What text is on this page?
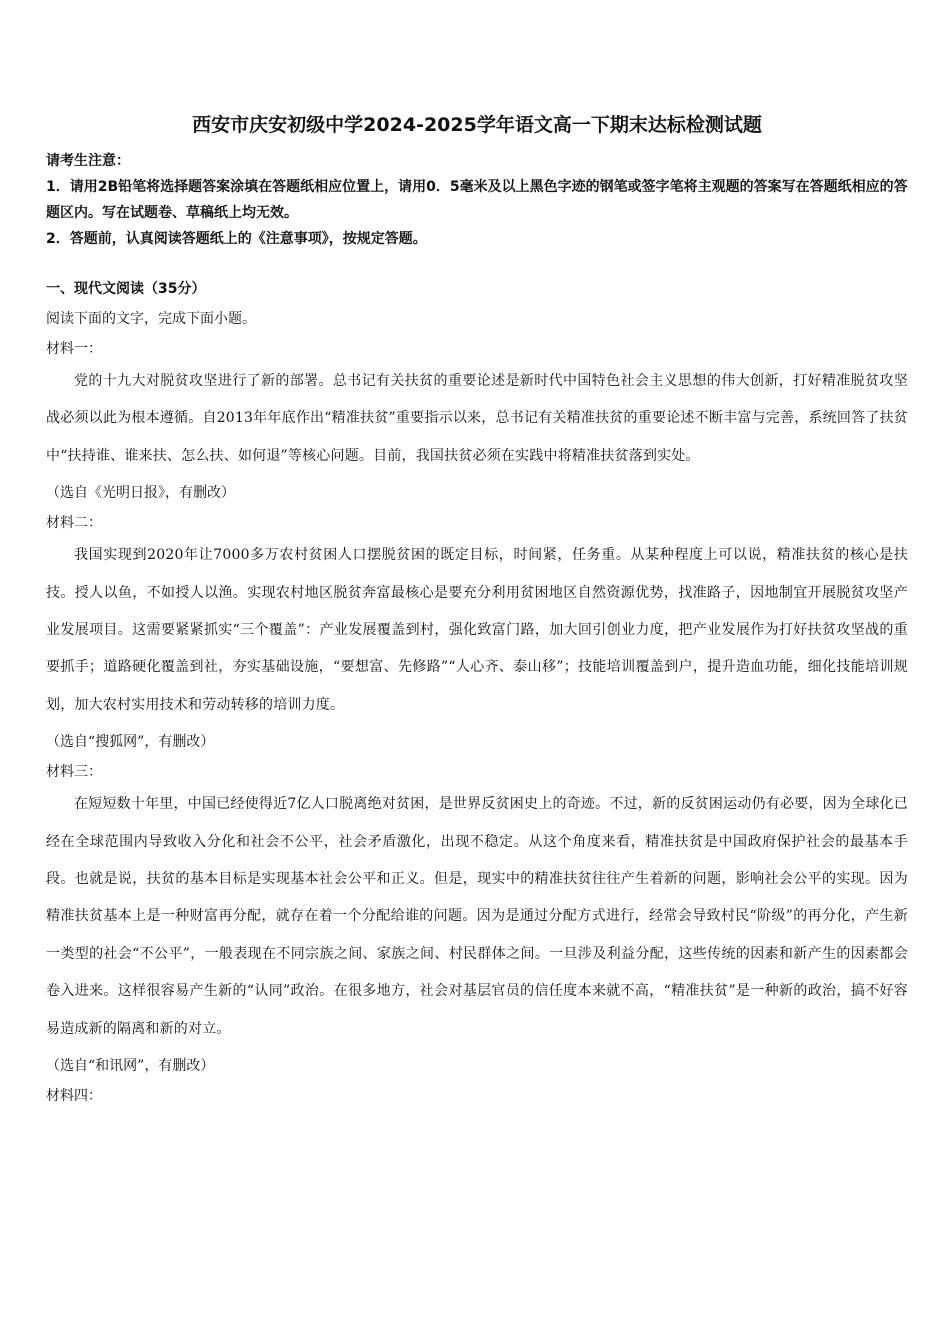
西安市庆安初级中学2024-2025学年语文高一下期末达标检测试题

请考生注意：

1．请用2B铅笔将选择题答案涂填在答题纸相应位置上，请用0．5毫米及以上黑色字迹的钢笔或签字笔将主观题的答案写在答题纸相应的答题区内。写在试题卷、草稿纸上均无效。

2．答题前，认真阅读答题纸上的《注意事项》，按规定答题。

一、现代文阅读（35分）
阅读下面的文字，完成下面小题。
材料一：

党的十九大对脱贫攻坚进行了新的部署。总书记有关扶贫的重要论述是新时代中国特色社会主义思想的伟大创新，打好精准脱贫攻坚战必须以此为根本遵循。自2013年年底作出“精准扶贫”重要指示以来，总书记有关精准扶贫的重要论述不断丰富与完善，系统回答了扶贫中“扶持谁、谁来扶、怎么扶、如何退”等核心问题。目前，我国扶贫必须在实践中将精准扶贫落到实处。

（选自《光明日报》，有删改）
材料二：

我国实现到2020年让7000多万农村贫困人口摆脱贫困的既定目标，时间紧，任务重。从某种程度上可以说，精准扶贫的核心是扶技。授人以鱼，不如授人以渔。实现农村地区脱贫奔富最核心是要充分利用贫困地区自然资源优势，找准路子，因地制宜开展脱贫攻坚产业发展项目。这需要紧紧抓实“三个覆盖”：产业发展覆盖到村，强化致富门路，加大回引创业力度，把产业发展作为打好扶贫攻坚战的重要抓手；道路硬化覆盖到社，夯实基础设施，“要想富、先修路”“人心齐、泰山移”；技能培训覆盖到户，提升造血功能，细化技能培训规划，加大农村实用技术和劳动转移的培训力度。

（选自“搜狐网”，有删改）
材料三：

在短短数十年里，中国已经使得近7亿人口脱离绝对贫困，是世界反贫困史上的奇迹。不过，新的反贫困运动仍有必要，因为全球化已经在全球范围内导致收入分化和社会不公平，社会矛盾激化，出现不稳定。从这个角度来看，精准扶贫是中国政府保护社会的最基本手段。也就是说，扶贫的基本目标是实现基本社会公平和正义。但是，现实中的精准扶贫往往产生着新的问题，影响社会公平的实现。因为精准扶贫基本上是一种财富再分配，就存在着一个分配给谁的问题。因为是通过分配方式进行，经常会导致村民“阶级”的再分化，产生新一类型的社会“不公平”，一般表现在不同宗族之间、家族之间、村民群体之间。一旦涉及利益分配，这些传统的因素和新产生的因素都会卷入进来。这样很容易产生新的“认同”政治。在很多地方，社会对基层官员的信任度本来就不高，“精准扶贫”是一种新的政治，搞不好容易造成新的隔离和新的对立。

（选自“和讯网”，有删改）
材料四：
